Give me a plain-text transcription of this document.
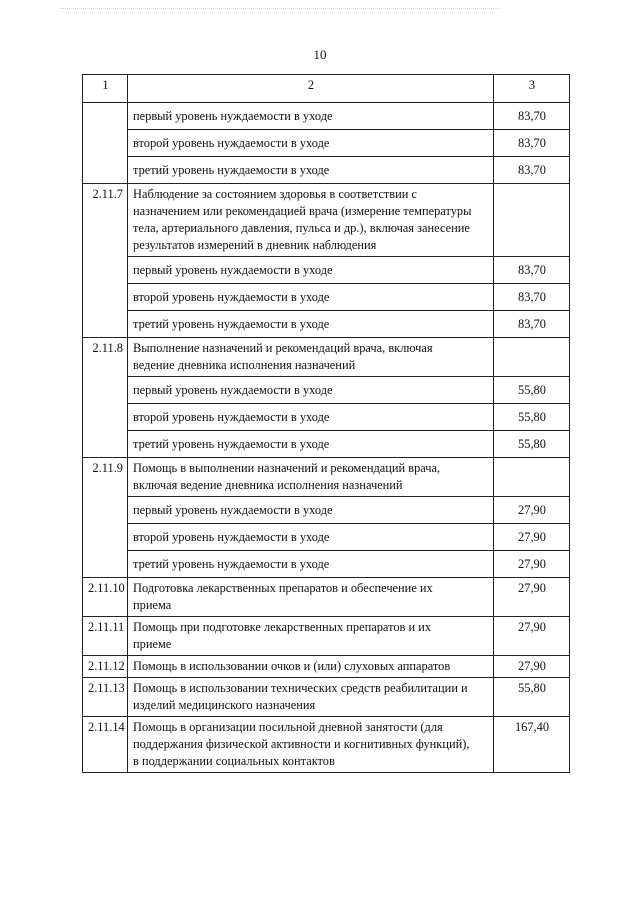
10
1	2	3
	первый уровень нуждаемости в уходе	83,70
	второй уровень нуждаемости в уходе	83,70
	третий уровень нуждаемости в уходе	83,70
2.11.7	Наблюдение за состоянием здоровья в соответствии с
назначением или рекомендацией врача (измерение температуры
тела, артериального давления, пульса и др.), включая занесение
результатов измерений в дневник наблюдения	

	первый уровень нуждаемости в уходе	83,70
	второй уровень нуждаемости в уходе	83,70
	третий уровень нуждаемости в уходе	83,70
2.11.8	Выполнение назначений и рекомендаций врача, включая
ведение дневника исполнения назначений	

	первый уровень нуждаемости в уходе	55,80
	второй уровень нуждаемости в уходе	55,80
	третий уровень нуждаемости в уходе	55,80
2.11.9	Помощь в выполнении назначений и рекомендаций врача,
включая ведение дневника исполнения назначений	

	первый уровень нуждаемости в уходе	27,90
	второй уровень нуждаемости в уходе	27,90
	третий уровень нуждаемости в уходе	27,90
2.11.10	Подготовка лекарственных препаратов и обеспечение их
приема	27,90
2.11.11	Помощь при подготовке лекарственных препаратов и их
приеме	27,90
2.11.12	Помощь в использовании очков и (или) слуховых аппаратов	27,90
2.11.13	Помощь в использовании технических средств реабилитации и
изделий медицинского назначения	55,80
2.11.14	Помощь в организации посильной дневной занятости (для
поддержания физической активности и когнитивных функций),
в поддержании социальных контактов	167,40
